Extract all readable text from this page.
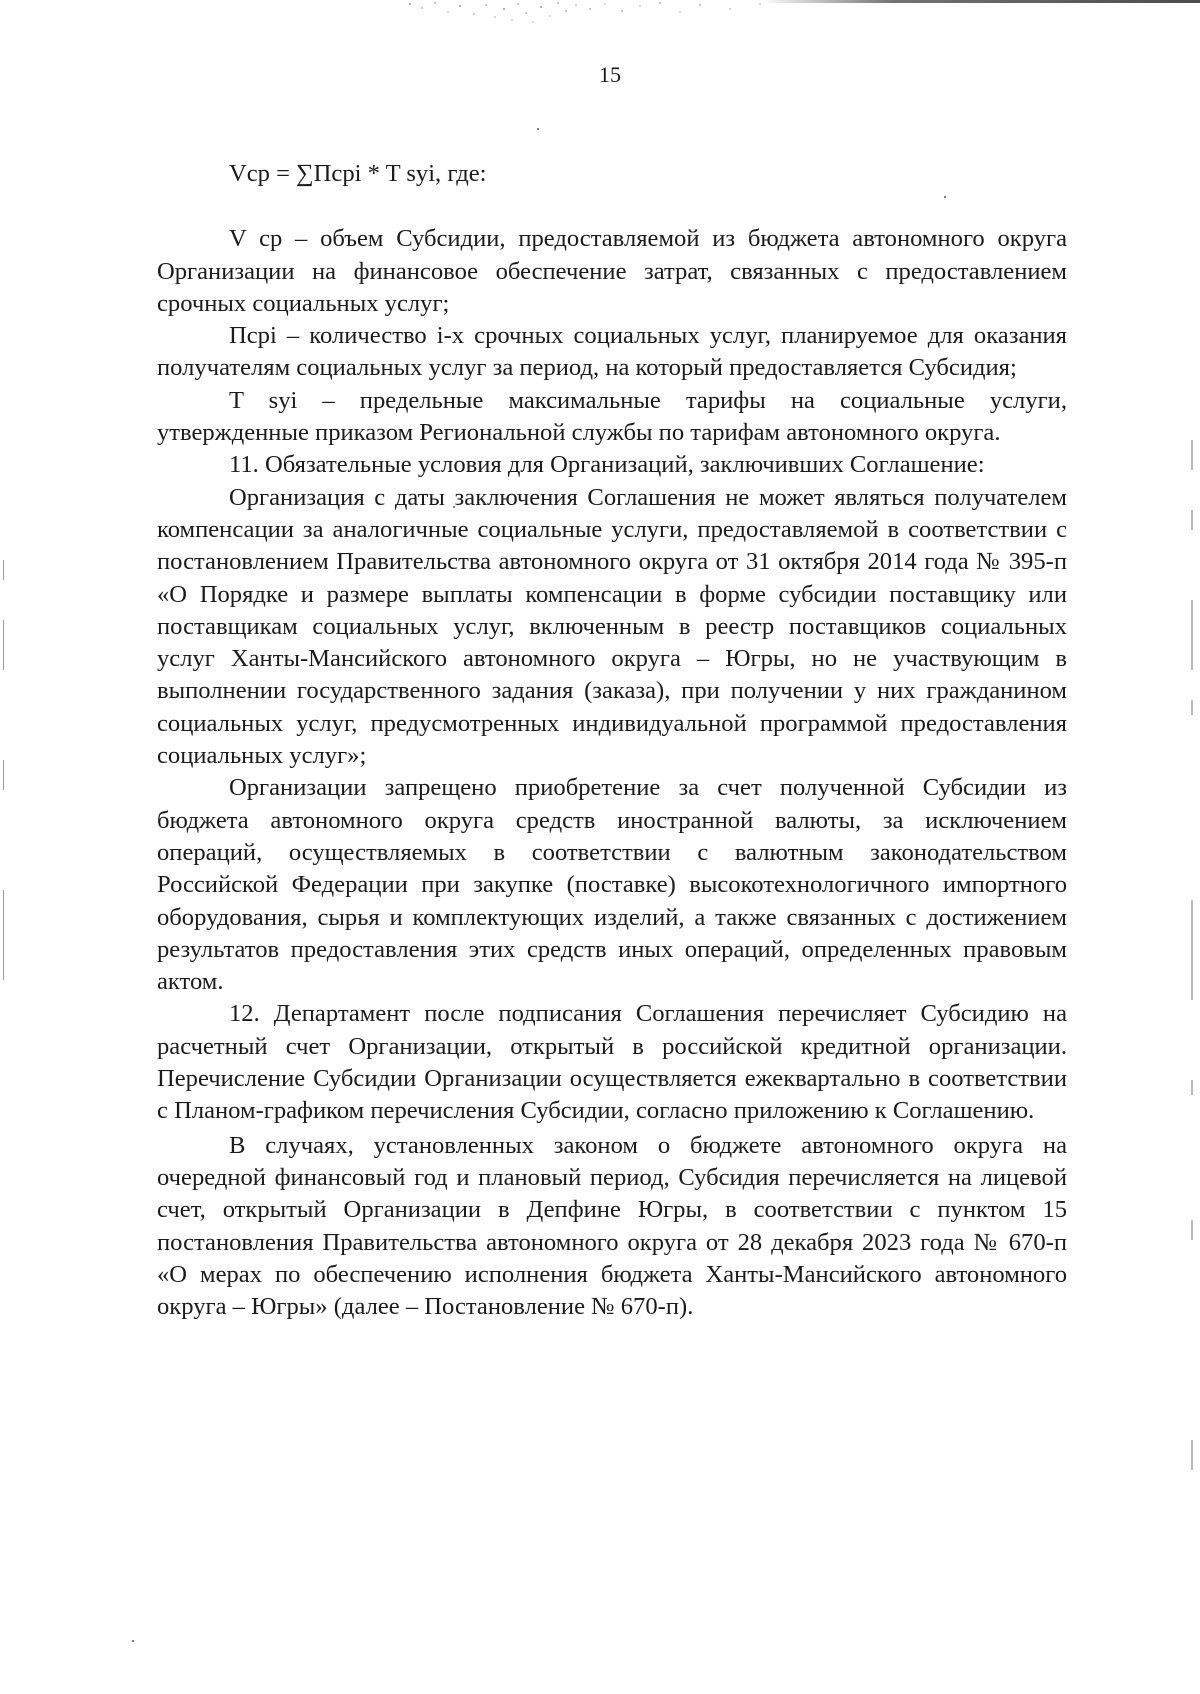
15

Vср = ∑Пcpi * T syi, где:

V ср – объем Субсидии, предоставляемой из бюджета автономного округа Организации на финансовое обеспечение затрат, связанных с предоставлением срочных социальных услуг;

Пcpi – количество i-х срочных социальных услуг, планируемое для оказания получателям социальных услуг за период, на который предоставляется Субсидия;

T syi – предельные максимальные тарифы на социальные услуги, утвержденные приказом Региональной службы по тарифам автономного округа.

11. Обязательные условия для Организаций, заключивших Соглашение:

Организация с даты заключения Соглашения не может являться получателем компенсации за аналогичные социальные услуги, предоставляемой в соответствии с постановлением Правительства автономного округа от 31 октября 2014 года № 395-п «О Порядке и размере выплаты компенсации в форме субсидии поставщику или поставщикам социальных услуг, включенным в реестр поставщиков социальных услуг Ханты-Мансийского автономного округа – Югры, но не участвующим в выполнении государственного задания (заказа), при получении у них гражданином социальных услуг, предусмотренных индивидуальной программой предоставления социальных услуг»;

Организации запрещено приобретение за счет полученной Субсидии из бюджета автономного округа средств иностранной валюты, за исключением операций, осуществляемых в соответствии с валютным законодательством Российской Федерации при закупке (поставке) высокотехнологичного импортного оборудования, сырья и комплектующих изделий, а также связанных с достижением результатов предоставления этих средств иных операций, определенных правовым актом.

12. Департамент после подписания Соглашения перечисляет Субсидию на расчетный счет Организации, открытый в российской кредитной организации. Перечисление Субсидии Организации осуществляется ежеквартально в соответствии с Планом-графиком перечисления Субсидии, согласно приложению к Соглашению.

В случаях, установленных законом о бюджете автономного округа на очередной финансовый год и плановый период, Субсидия перечисляется на лицевой счет, открытый Организации в Депфине Югры, в соответствии с пунктом 15 постановления Правительства автономного округа от 28 декабря 2023 года № 670-п «О мерах по обеспечению исполнения бюджета Ханты-Мансийского автономного округа – Югры» (далее – Постановление № 670-п).
